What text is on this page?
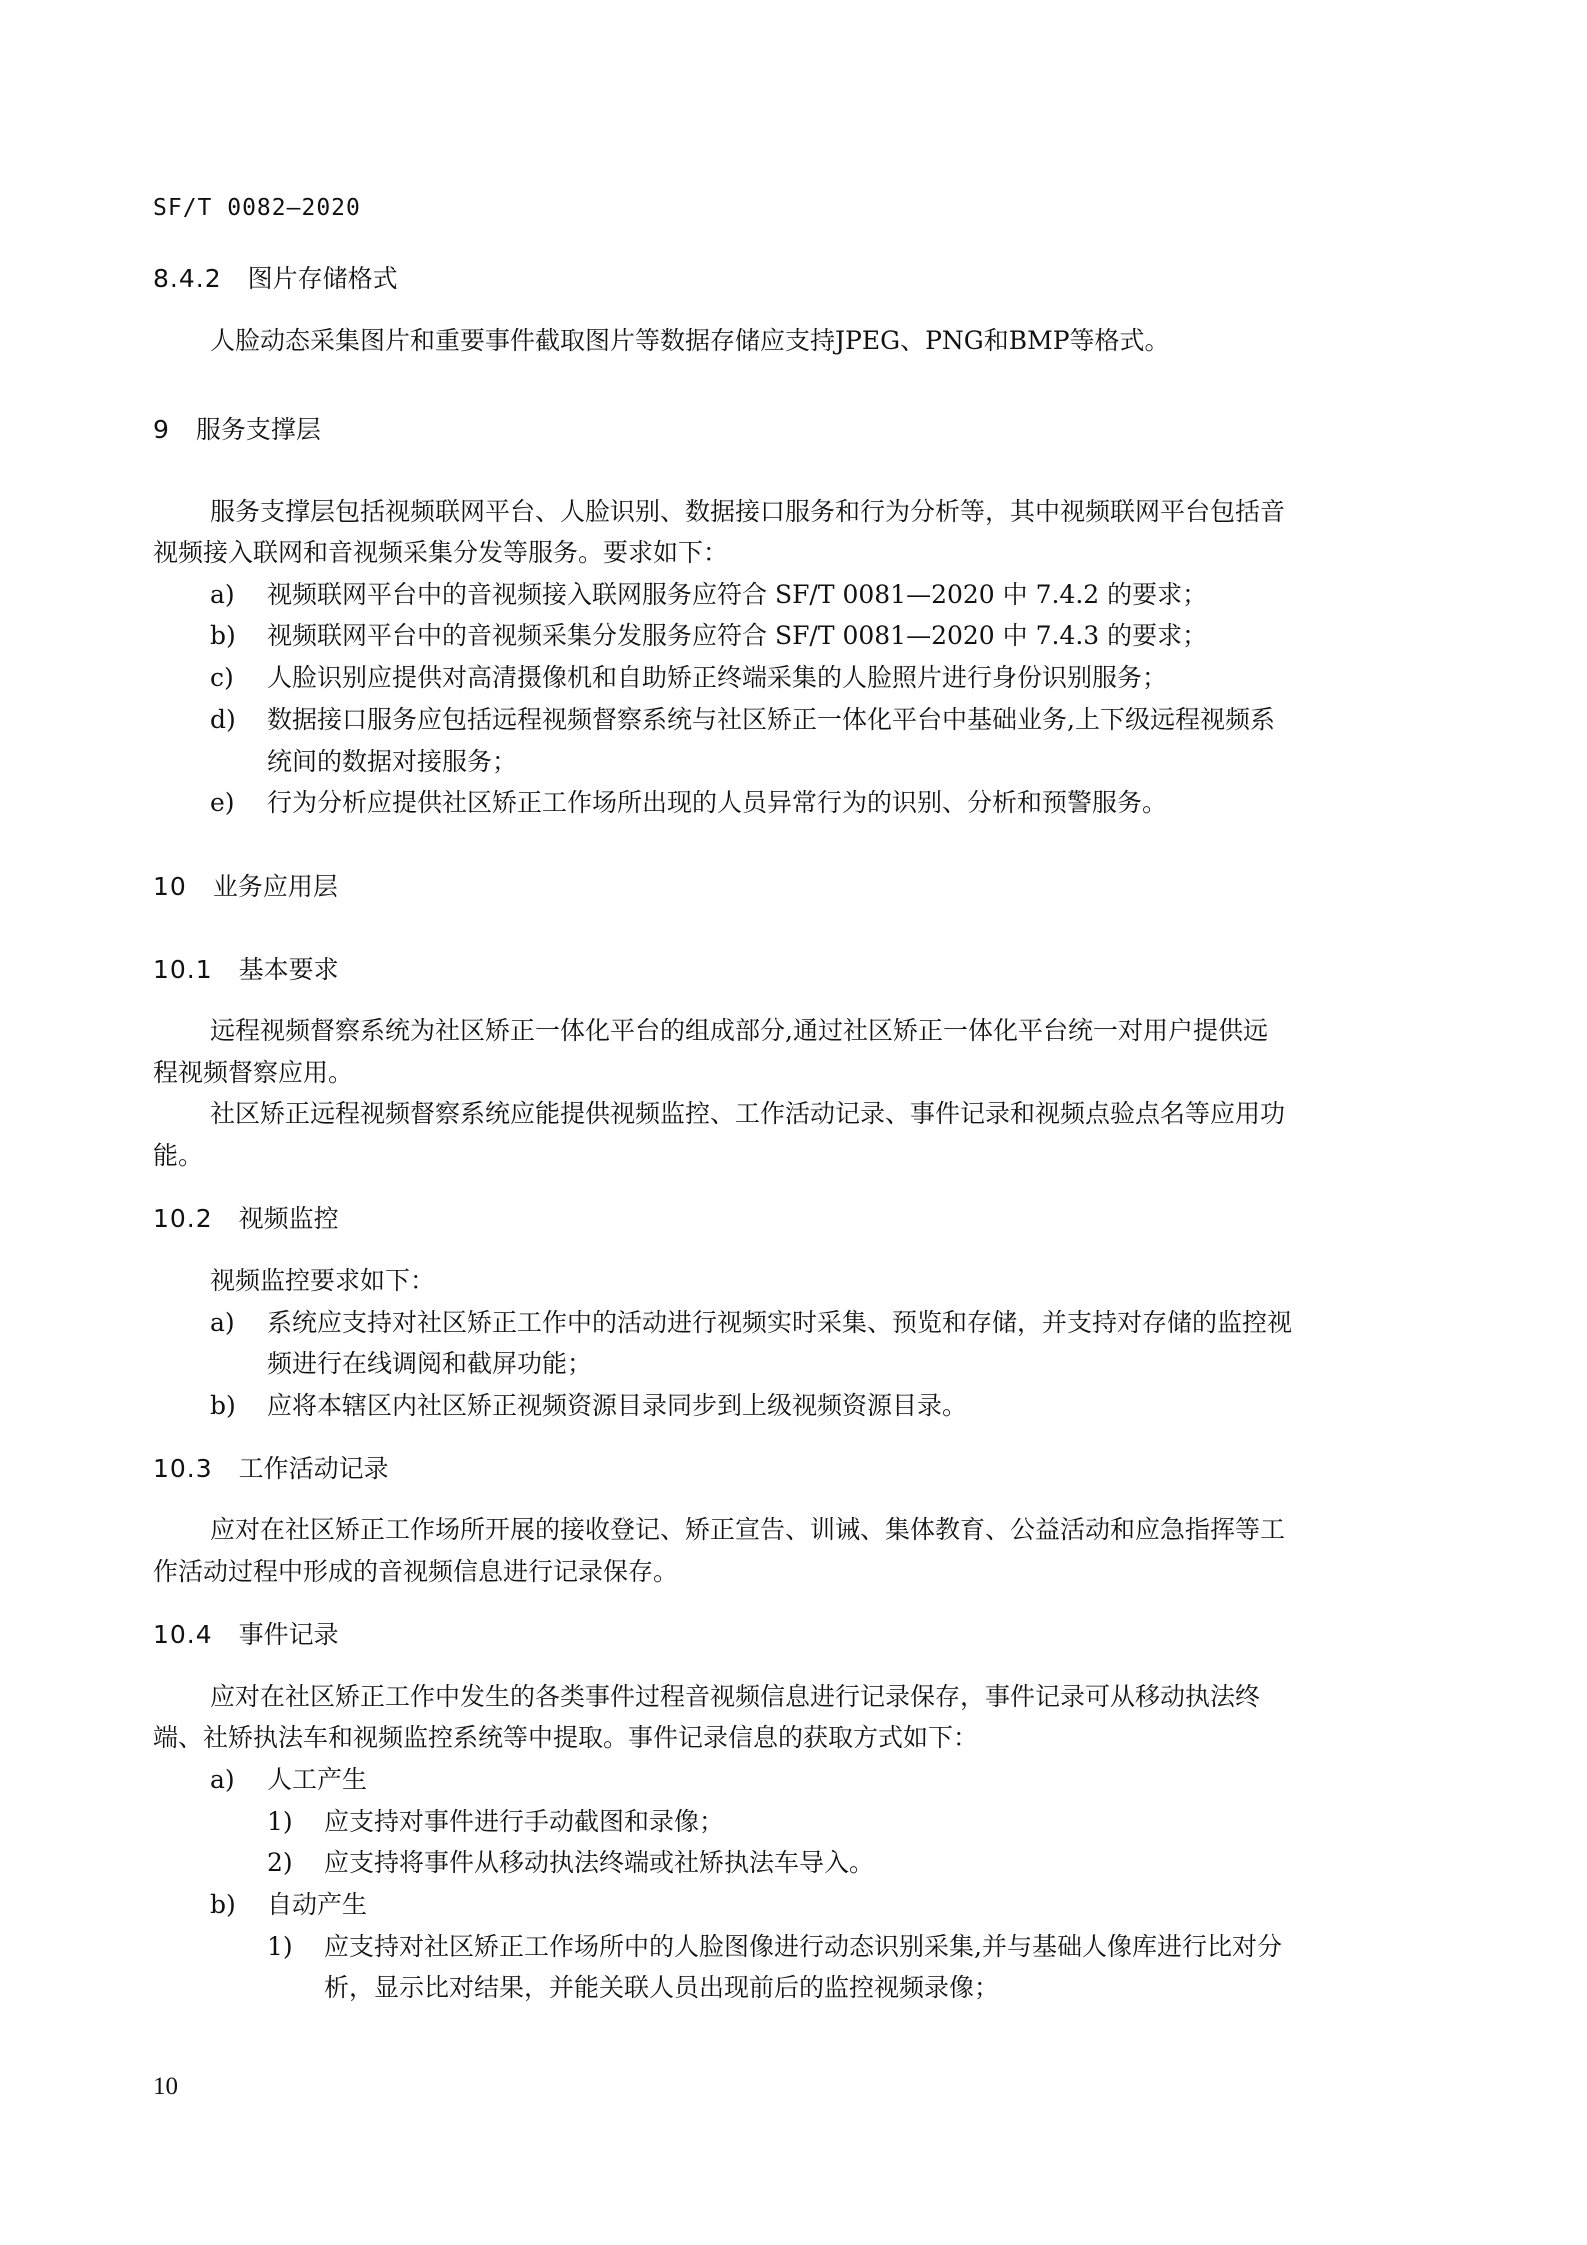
SF/T 0082—2020
8.4.2 图片存储格式
人脸动态采集图片和重要事件截取图片等数据存储应支持JPEG、PNG和BMP等格式。
9 服务支撑层
服务支撑层包括视频联网平台、人脸识别、数据接口服务和行为分析等，其中视频联网平台包括音
视频接入联网和音视频采集分发等服务。要求如下：
a) 视频联网平台中的音视频接入联网服务应符合 SF/T 0081—2020 中 7.4.2 的要求；
b) 视频联网平台中的音视频采集分发服务应符合 SF/T 0081—2020 中 7.4.3 的要求；
c) 人脸识别应提供对高清摄像机和自助矫正终端采集的人脸照片进行身份识别服务；
d) 数据接口服务应包括远程视频督察系统与社区矫正一体化平台中基础业务,上下级远程视频系
统间的数据对接服务；
e) 行为分析应提供社区矫正工作场所出现的人员异常行为的识别、分析和预警服务。
10 业务应用层
10.1 基本要求
远程视频督察系统为社区矫正一体化平台的组成部分,通过社区矫正一体化平台统一对用户提供远
程视频督察应用。
社区矫正远程视频督察系统应能提供视频监控、工作活动记录、事件记录和视频点验点名等应用功
能。
10.2 视频监控
视频监控要求如下：
a) 系统应支持对社区矫正工作中的活动进行视频实时采集、预览和存储，并支持对存储的监控视
频进行在线调阅和截屏功能；
b) 应将本辖区内社区矫正视频资源目录同步到上级视频资源目录。
10.3 工作活动记录
应对在社区矫正工作场所开展的接收登记、矫正宣告、训诫、集体教育、公益活动和应急指挥等工
作活动过程中形成的音视频信息进行记录保存。
10.4 事件记录
应对在社区矫正工作中发生的各类事件过程音视频信息进行记录保存，事件记录可从移动执法终
端、社矫执法车和视频监控系统等中提取。事件记录信息的获取方式如下：
a) 人工产生
1) 应支持对事件进行手动截图和录像；
2) 应支持将事件从移动执法终端或社矫执法车导入。
b) 自动产生
1) 应支持对社区矫正工作场所中的人脸图像进行动态识别采集,并与基础人像库进行比对分
析，显示比对结果，并能关联人员出现前后的监控视频录像；
10
